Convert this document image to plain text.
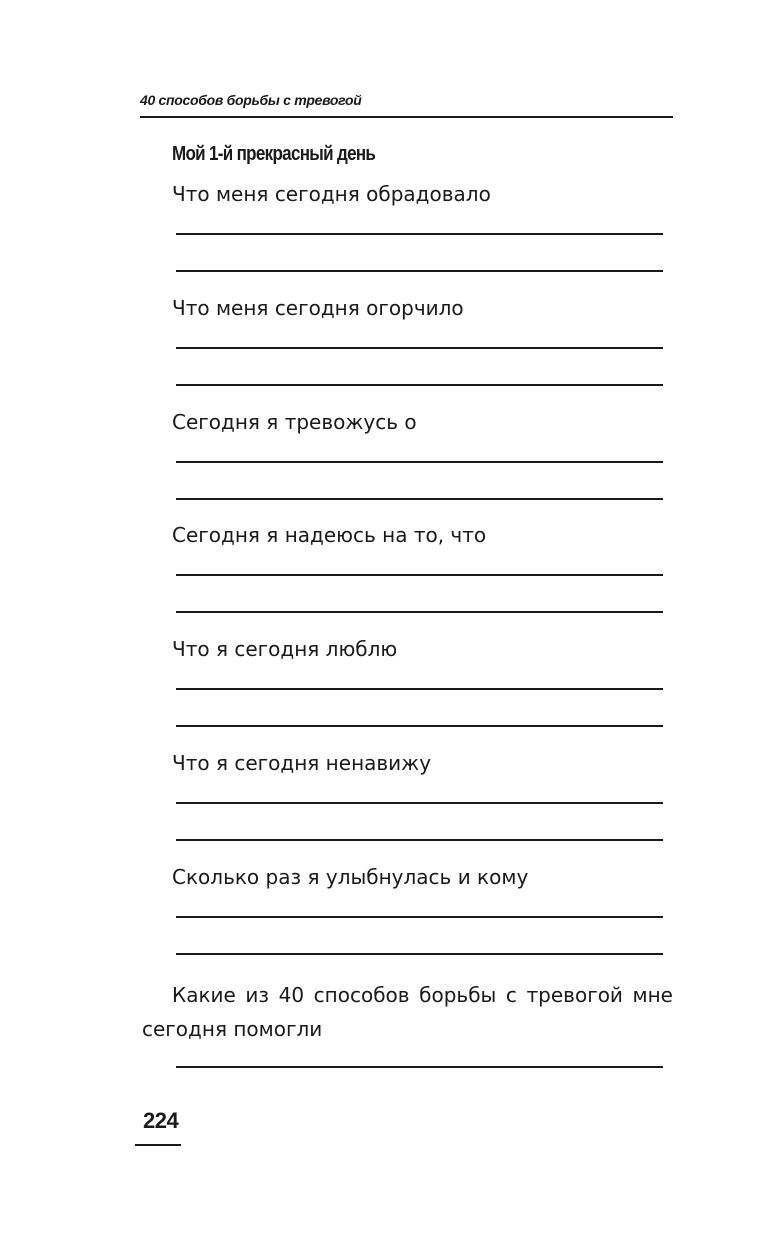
40 способов борьбы с тревогой
Мой 1-й прекрасный день
Что меня сегодня обрадовало
Что меня сегодня огорчило
Сегодня я тревожусь о
Сегодня я надеюсь на то, что
Что я сегодня люблю
Что я сегодня ненавижу
Сколько раз я улыбнулась и кому
Какие из 40 способов борьбы с тревогой мне сегодня помогли
224
